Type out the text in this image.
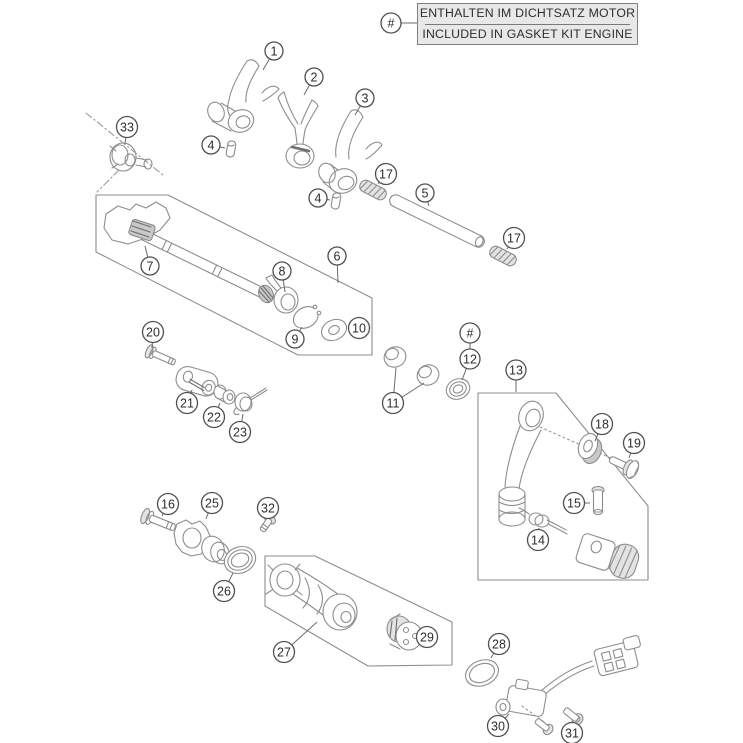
#
1
2
3
4
4
17
5
17
33
7	8
6
9
10
20
21
22
23
11
#
12
13
18
19
15
14
16 25	32
26
27
29	28
30	31
ENTHALTEN IM DICHTSATZ MOTOR
INCLUDED IN GASKET KIT ENGINE
